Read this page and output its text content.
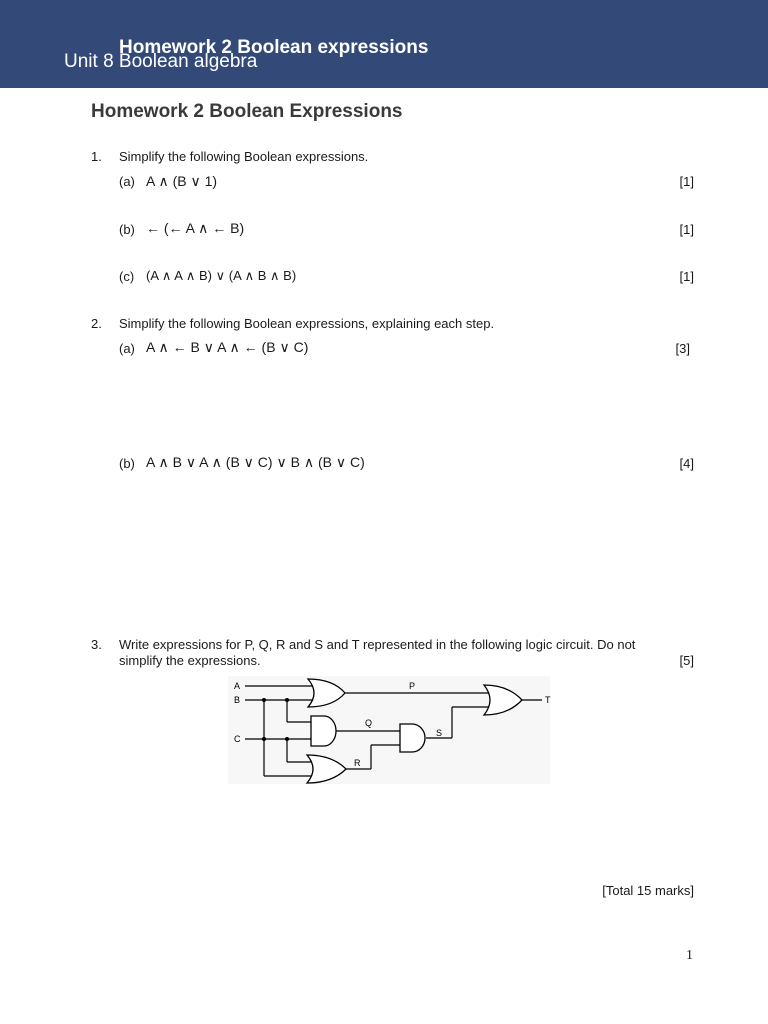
Homework 2 Boolean expressions
Unit 8 Boolean algebra
Homework 2 Boolean Expressions
1. Simplify the following Boolean expressions.
(a) A ∧ (B ∨ 1)	[1]
(b) ← (← A ∧ ← B)	[1]
(c) (A ∧ A ∧ B) ∨ (A ∧ B ∧ B)	[1]
2. Simplify the following Boolean expressions, explaining each step.
(a) A ∧ ← B ∨ A ∧ ← (B ∨ C)	[3]
(b) A ∧ B ∨ A ∧ (B ∨ C) ∨ B ∧ (B ∨ C)	[4]
3. Write expressions for P, Q, R and S and T represented in the following logic circuit. Do not
simplify the expressions.	[5]
A
B
C
P
Q
R
S
T
[Total 15 marks]
1
